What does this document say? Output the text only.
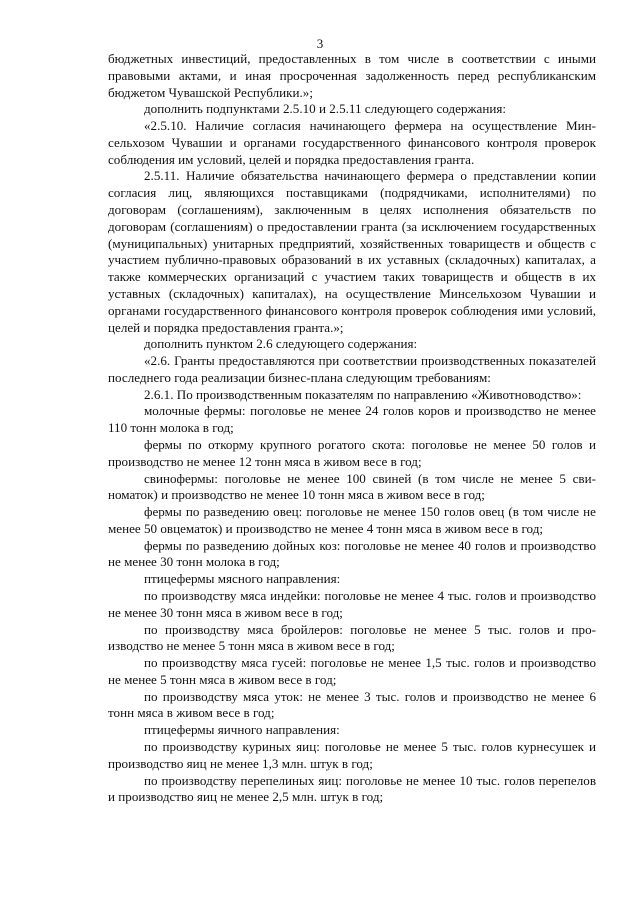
3

бюджетных инвестиций, предоставленных в том числе в соответствии с иными правовыми актами, и иная просроченная задолженность перед республиканским бюджетом Чувашской Республики.»;

дополнить подпунктами 2.5.10 и 2.5.11 следующего содержания:

«2.5.10. Наличие согласия начинающего фермера на осуществление Минсельхозом Чувашии и органами государственного финансового контроля проверок соблюдения им условий, целей и порядка предоставления гранта.

2.5.11. Наличие обязательства начинающего фермера о представлении копии согласия лиц, являющихся поставщиками (подрядчиками, исполнителями) по договорам (соглашениям), заключенным в целях исполнения обязательств по договорам (соглашениям) о предоставлении гранта (за исключением государственных (муниципальных) унитарных предприятий, хозяйственных товариществ и обществ с участием публично-правовых образований в их уставных (складочных) капиталах, а также коммерческих организаций с участием таких товариществ и обществ в их уставных (складочных) капиталах), на осуществление Минсельхозом Чувашии и органами государственного финансового контроля проверок соблюдения ими условий, целей и порядка предоставления гранта.»;

дополнить пунктом 2.6 следующего содержания:

«2.6. Гранты предоставляются при соответствии производственных показателей последнего года реализации бизнес-плана следующим требованиям:

2.6.1. По производственным показателям по направлению «Животноводство»:

молочные фермы: поголовье не менее 24 голов коров и производство не менее 110 тонн молока в год;

фермы по откорму крупного рогатого скота: поголовье не менее 50 голов и производство не менее 12 тонн мяса в живом весе в год;

свинофермы: поголовье не менее 100 свиней (в том числе не менее 5 свиноматок) и производство не менее 10 тонн мяса в живом весе в год;

фермы по разведению овец: поголовье не менее 150 голов овец (в том числе не менее 50 овцематок) и производство не менее 4 тонн мяса в живом весе в год;

фермы по разведению дойных коз: поголовье не менее 40 голов и производство не менее 30 тонн молока в год;

птицефермы мясного направления:

по производству мяса индейки: поголовье не менее 4 тыс. голов и производство не менее 30 тонн мяса в живом весе в год;

по производству мяса бройлеров: поголовье не менее 5 тыс. голов и производство не менее 5 тонн мяса в живом весе в год;

по производству мяса гусей: поголовье не менее 1,5 тыс. голов и производство не менее 5 тонн мяса в живом весе в год;

по производству мяса уток: не менее 3 тыс. голов и производство не менее 6 тонн мяса в живом весе в год;

птицефермы яичного направления:

по производству куриных яиц: поголовье не менее 5 тыс. голов курнесушек и производство яиц не менее 1,3 млн. штук в год;

по производству перепелиных яиц: поголовье не менее 10 тыс. голов перепелов и производство яиц не менее 2,5 млн. штук в год;
